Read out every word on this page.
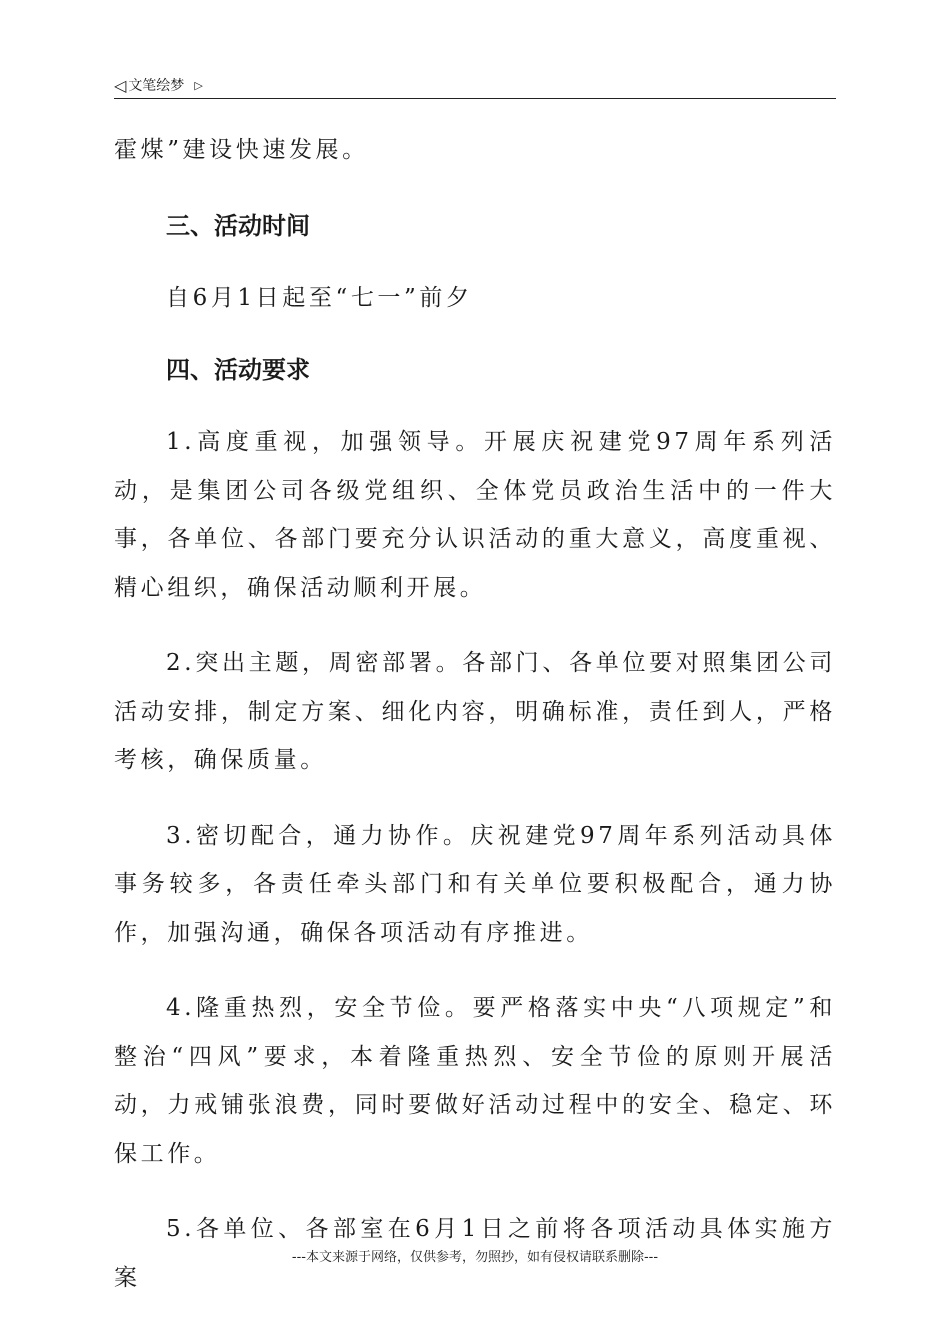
◁ 文笔绘梦 ▷

霍煤”建设快速发展。

三、活动时间

自6月1日起至“七一”前夕

四、活动要求

1.高度重视，加强领导。开展庆祝建党97周年系列活动，是集团公司各级党组织、全体党员政治生活中的一件大事，各单位、各部门要充分认识活动的重大意义，高度重视、精心组织，确保活动顺利开展。

2.突出主题，周密部署。各部门、各单位要对照集团公司活动安排，制定方案、细化内容，明确标准，责任到人，严格考核，确保质量。

3.密切配合，通力协作。庆祝建党97周年系列活动具体事务较多，各责任牵头部门和有关单位要积极配合，通力协作，加强沟通，确保各项活动有序推进。

4.隆重热烈，安全节俭。要严格落实中央“八项规定”和整治“四风”要求，本着隆重热烈、安全节俭的原则开展活动，力戒铺张浪费，同时要做好活动过程中的安全、稳定、环保工作。

5.各单位、各部室在6月1日之前将各项活动具体实施方案

---本文来源于网络，仅供参考，勿照抄，如有侵权请联系删除---
